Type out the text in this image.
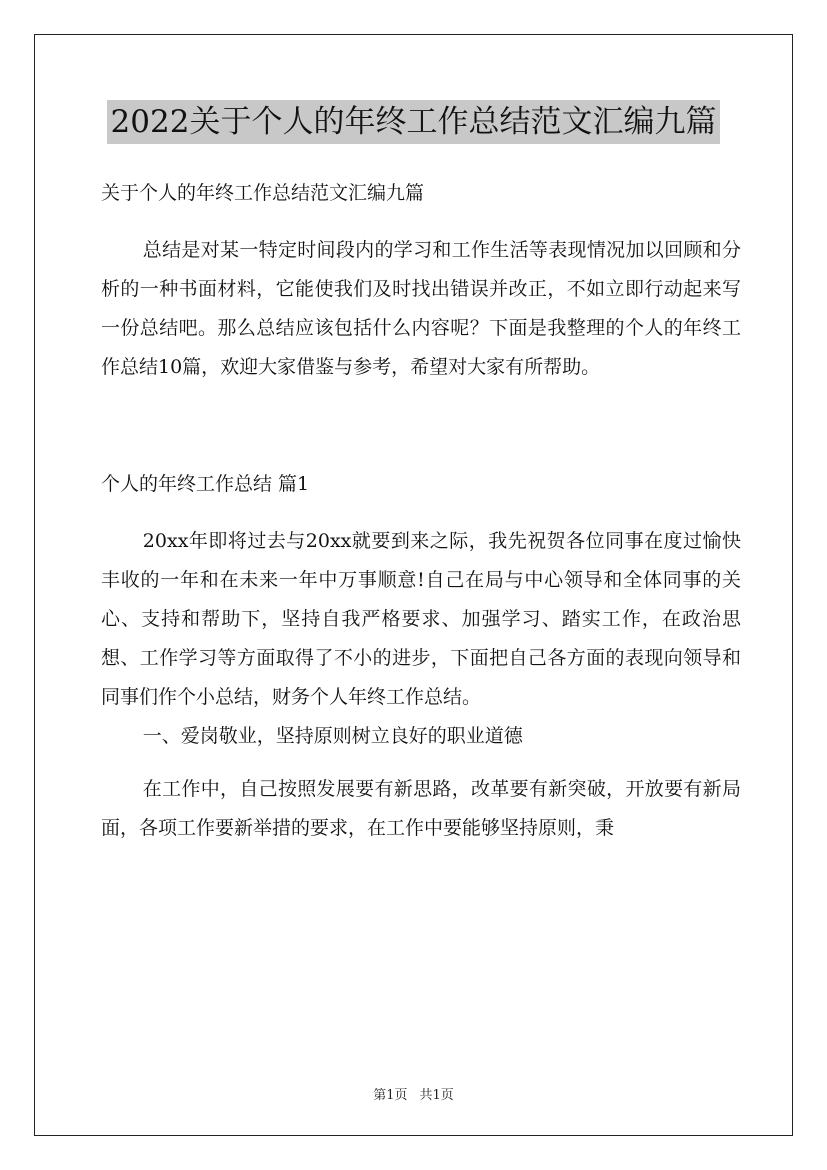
2022关于个人的年终工作总结范文汇编九篇

关于个人的年终工作总结范文汇编九篇

总结是对某一特定时间段内的学习和工作生活等表现情况加以回顾和分析的一种书面材料，它能使我们及时找出错误并改正，不如立即行动起来写一份总结吧。那么总结应该包括什么内容呢？下面是我整理的个人的年终工作总结10篇，欢迎大家借鉴与参考，希望对大家有所帮助。

个人的年终工作总结 篇1

20xx年即将过去与20xx就要到来之际，我先祝贺各位同事在度过愉快丰收的一年和在未来一年中万事顺意!自己在局与中心领导和全体同事的关心、支持和帮助下，坚持自我严格要求、加强学习、踏实工作，在政治思想、工作学习等方面取得了不小的进步，下面把自己各方面的表现向领导和同事们作个小总结，财务个人年终工作总结。

一、爱岗敬业，坚持原则树立良好的职业道德

在工作中，自己按照发展要有新思路，改革要有新突破，开放要有新局面，各项工作要新举措的要求，在工作中要能够坚持原则，秉

第1页 共1页
